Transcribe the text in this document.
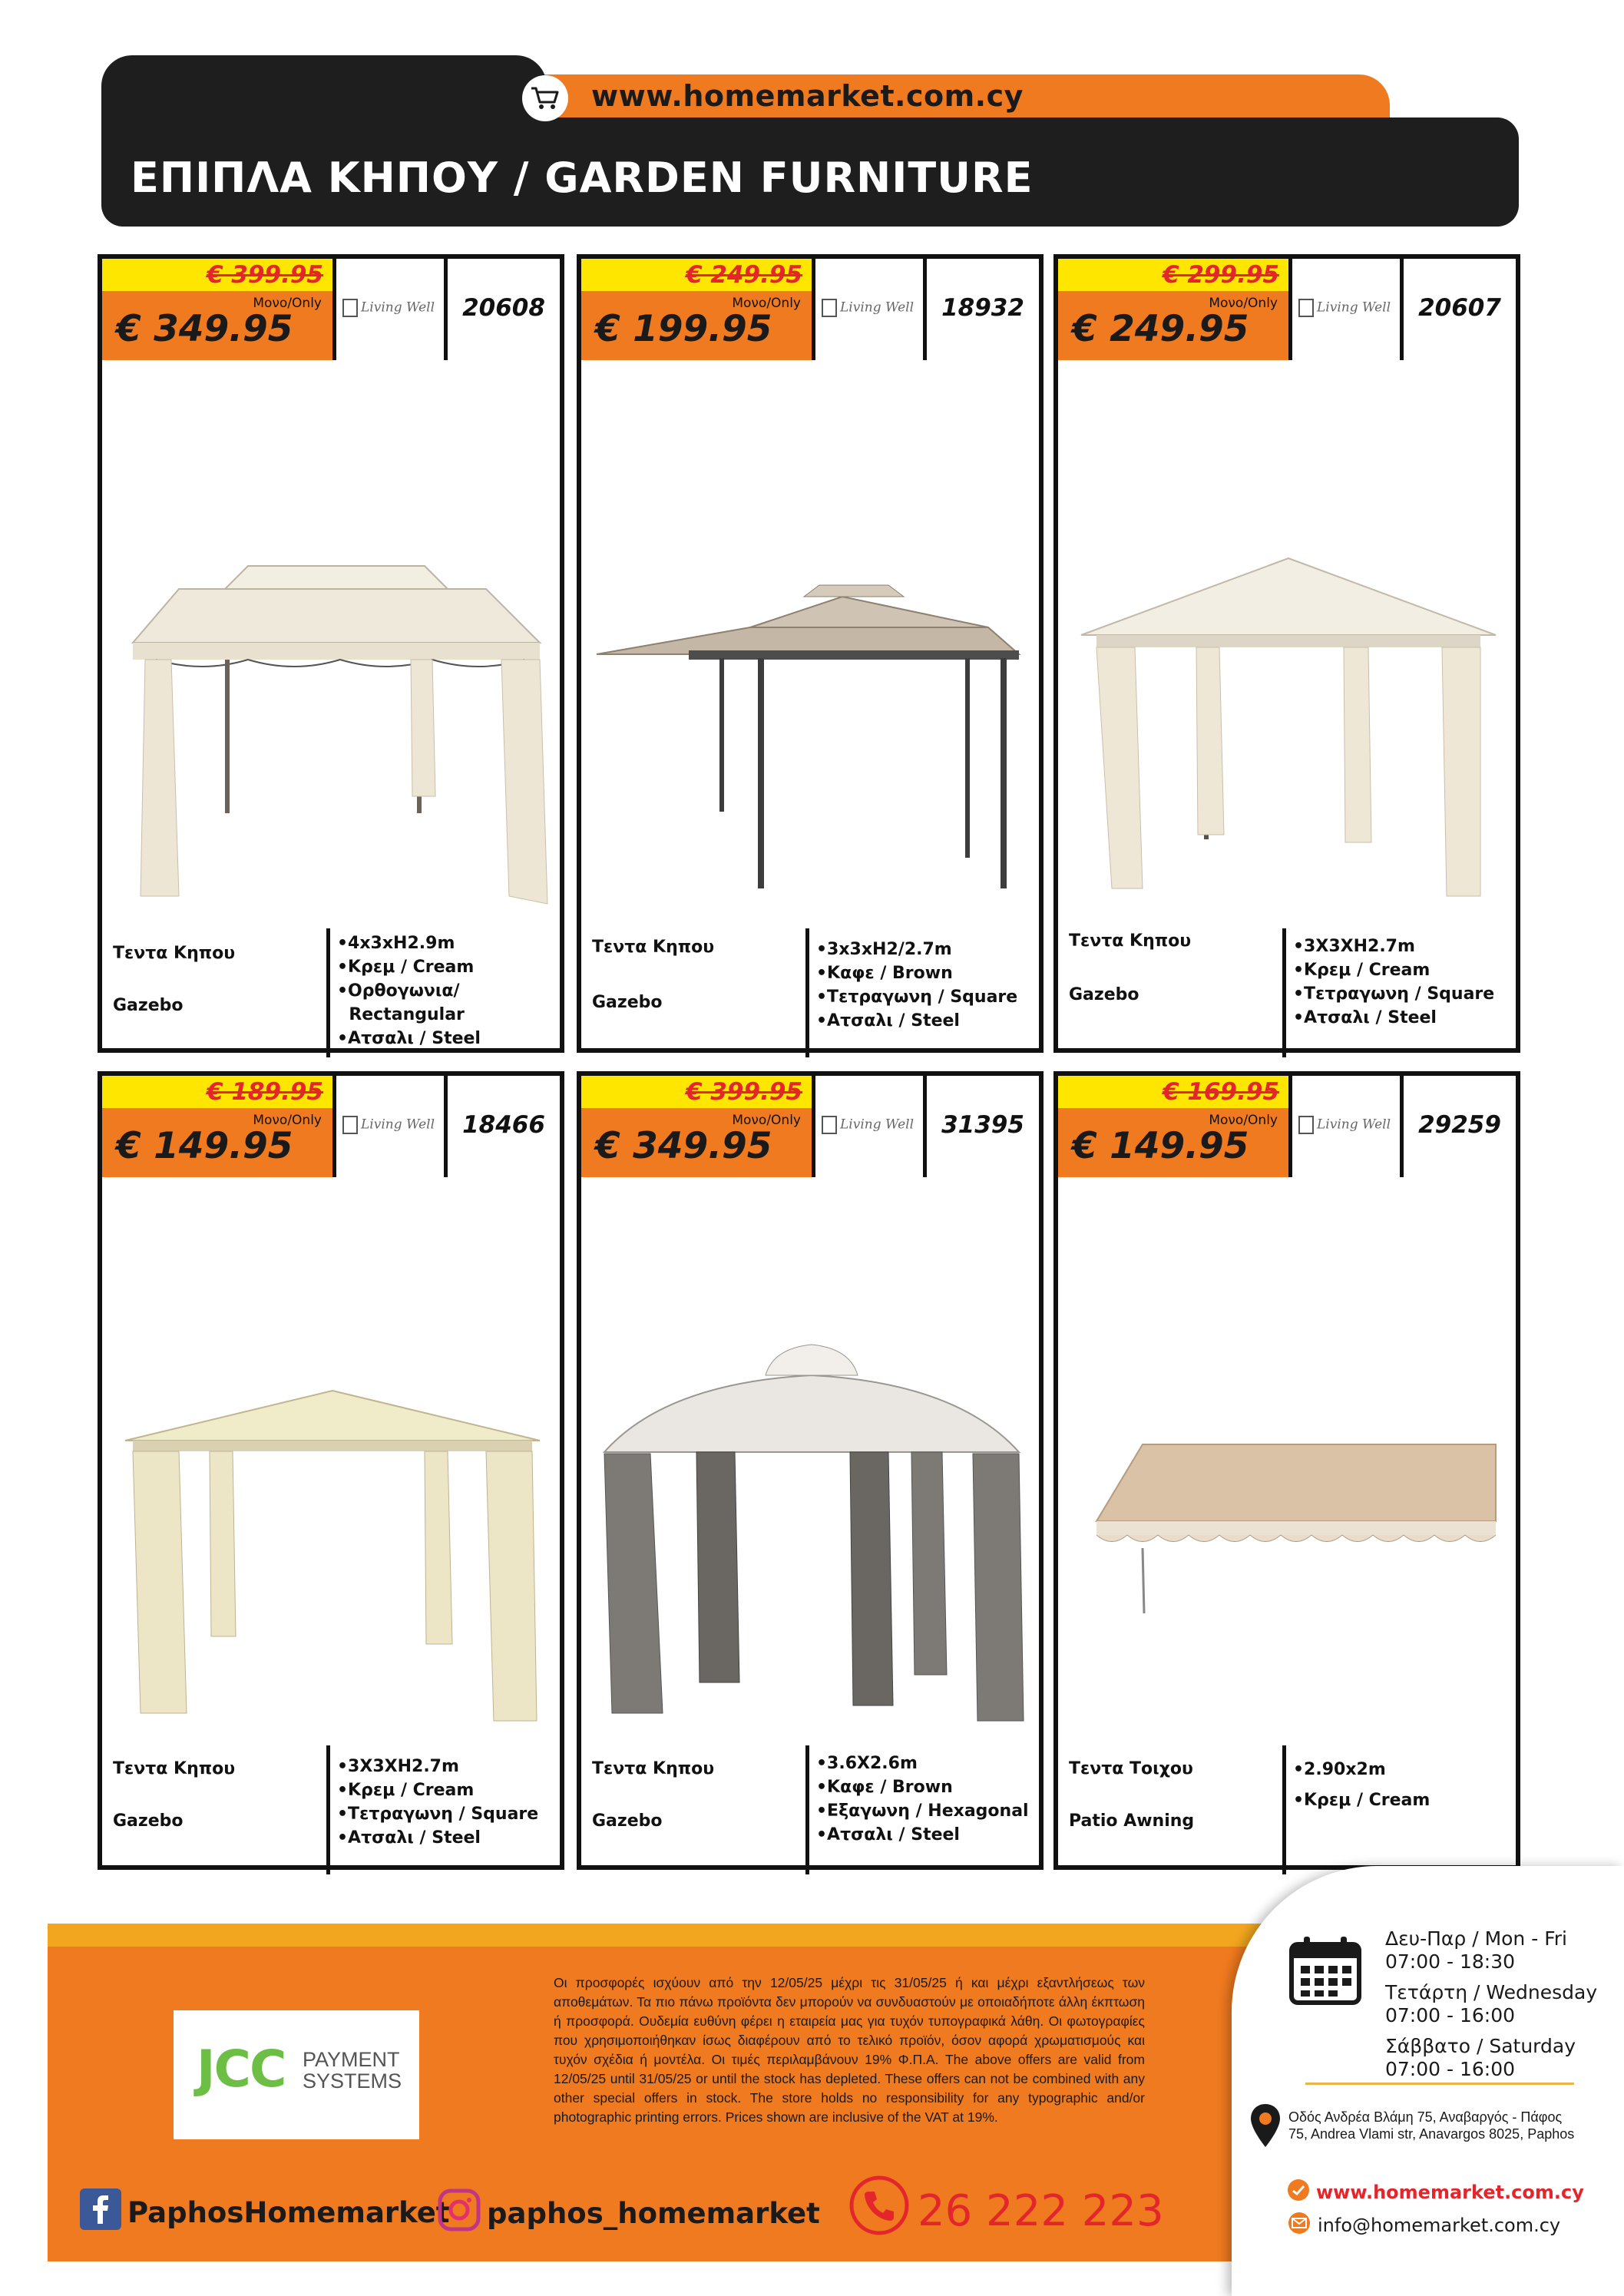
www.homemarket.com.cy
ΕΠΙΠΛΑ ΚΗΠΟΥ / GARDEN FURNITURE
€ 399.95
Μονο/Only
€ 349.95
Living Well	20608
Τεντα Κηπου
Gazebo
•4x3xH2.9m
•Κρεμ / Cream
•Ορθογωνια/
Rectangular
•Ατσαλι / Steel
€ 249.95
Μονο/Only
€ 199.95
Living Well	18932
Τεντα Κηπου
Gazebo
•3x3xH2/2.7m
•Καφε / Brown
•Τετραγωνη / Square
•Ατσαλι / Steel
€ 299.95
Μονο/Only
€ 249.95
Living Well	20607
Τεντα Κηπου
Gazebo
•3X3XH2.7m
•Κρεμ / Cream
•Τετραγωνη / Square
•Ατσαλι / Steel
€ 189.95
Μονο/Only
€ 149.95
Living Well	18466
Τεντα Κηπου
Gazebo
•3X3XH2.7m
•Κρεμ / Cream
•Τετραγωνη / Square
•Ατσαλι / Steel
€ 399.95
Μονο/Only
€ 349.95
Living Well	31395
Τεντα Κηπου
Gazebo
•3.6X2.6m
•Καφε / Brown
•Εξαγωνη / Hexagonal
•Ατσαλι / Steel
€ 169.95
Μονο/Only
€ 149.95
Living Well	29259
Τεντα Τοιχου
Patio Awning
•2.90x2m
•Κρεμ / Cream
JCC PAYMENT
SYSTEMS
Οι προσφορές ισχύουν από την 12/05/25 μέχρι τις 31/05/25 ή και μέχρι εξαντλήσεως των αποθεμάτων. Τα πιο πάνω προϊόντα δεν μπορούν να συνδυαστούν με οποιαδήποτε άλλη έκπτωση ή προσφορά. Ουδεμία ευθύνη φέρει η εταιρεία μας για τυχόν τυπογραφικά λάθη. Οι φωτογραφίες που χρησιμοποιήθηκαν ίσως διαφέρουν από το τελικό προϊόν, όσον αφορά χρωματισμούς και τυχόν σχέδια ή μοντέλα. Οι τιμές περιλαμβάνουν 19% Φ.Π.Α. The above offers are valid from 12/05/25 until 31/05/25 or until the stock has depleted. These offers can not be combined with any other special offers in stock. The store holds no responsibility for any typographic and/or photographic printing errors. Prices shown are inclusive of the VAT at 19%.
PaphosHomemarket paphos_homemarket 26 222 223
Δευ-Παρ / Mon - Fri
07:00 - 18:30
Τετάρτη / Wednesday
07:00 - 16:00
Σάββατο / Saturday
07:00 - 16:00
Οδός Ανδρέα Βλάμη 75, Αναβαργός - Πάφος
75, Andrea Vlami str, Anavargos 8025, Paphos
www.homemarket.com.cy
info@homemarket.com.cy
